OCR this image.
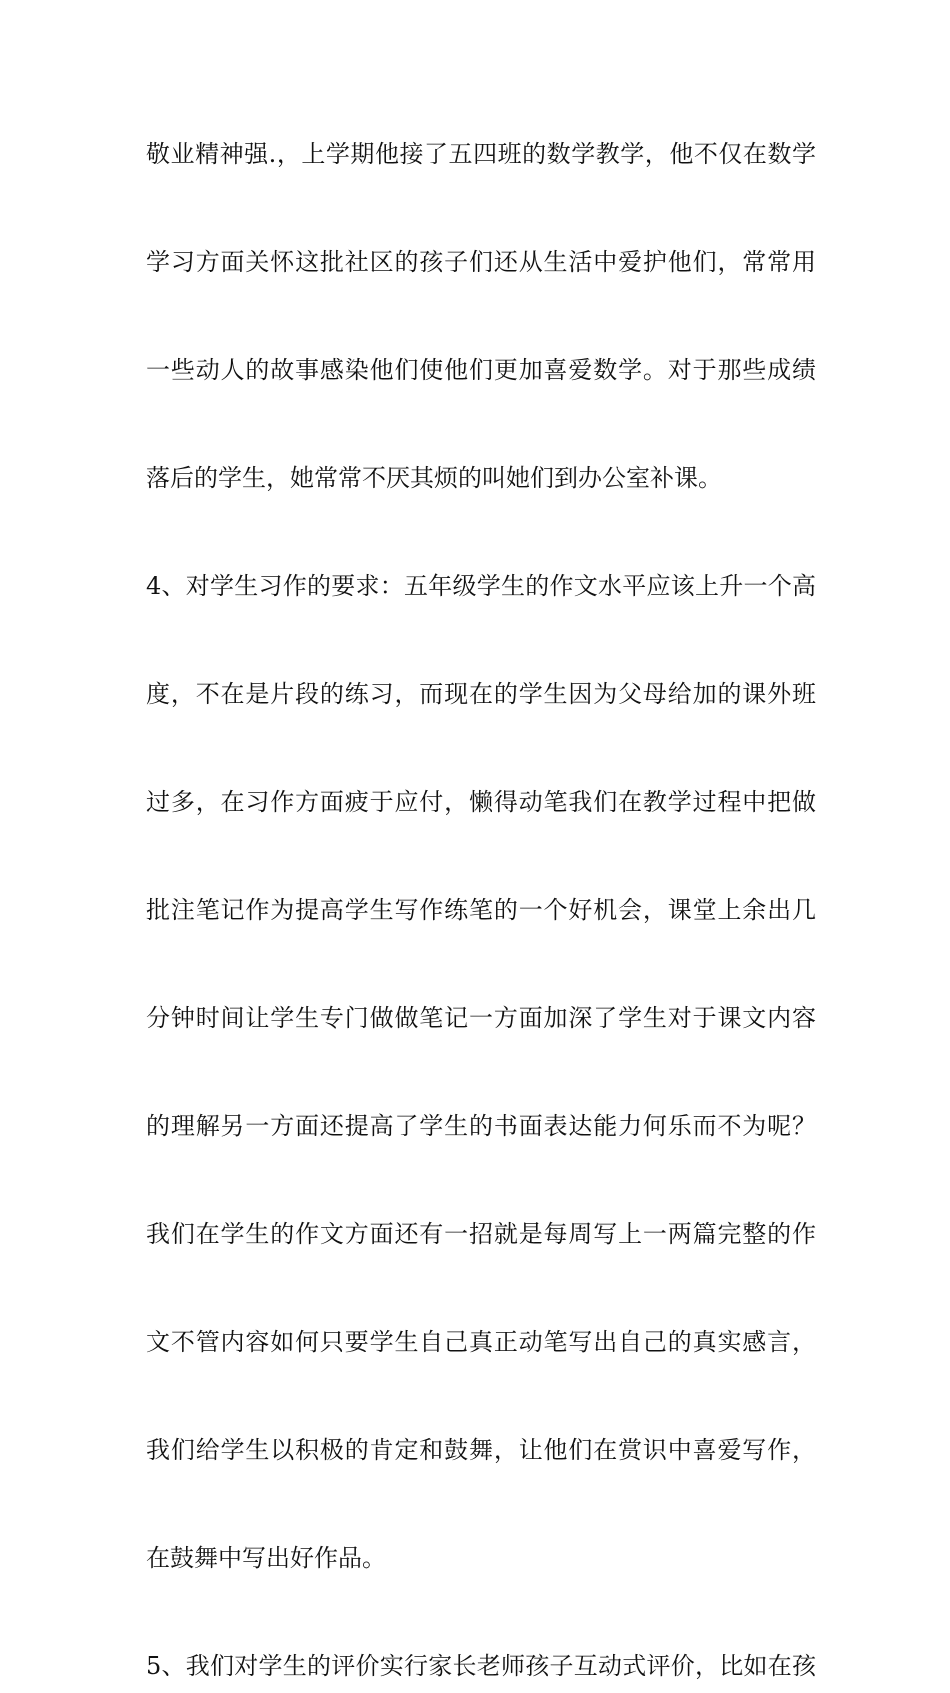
敬业精神强.，上学期他接了五四班的数学教学，他不仅在数学
学习方面关怀这批社区的孩子们还从生活中爱护他们，常常用
一些动人的故事感染他们使他们更加喜爱数学。对于那些成绩
落后的学生，她常常不厌其烦的叫她们到办公室补课。
4、对学生习作的要求：五年级学生的作文水平应该上升一个高
度，不在是片段的练习，而现在的学生因为父母给加的课外班
过多，在习作方面疲于应付，懒得动笔我们在教学过程中把做
批注笔记作为提高学生写作练笔的一个好机会，课堂上余出几
分钟时间让学生专门做做笔记一方面加深了学生对于课文内容
的理解另一方面还提高了学生的书面表达能力何乐而不为呢？
我们在学生的作文方面还有一招就是每周写上一两篇完整的作
文不管内容如何只要学生自己真正动笔写出自己的真实感言，
我们给学生以积极的肯定和鼓舞，让他们在赏识中喜爱写作，
在鼓舞中写出好作品。
5、我们对学生的评价实行家长老师孩子互动式评价，比如在孩
